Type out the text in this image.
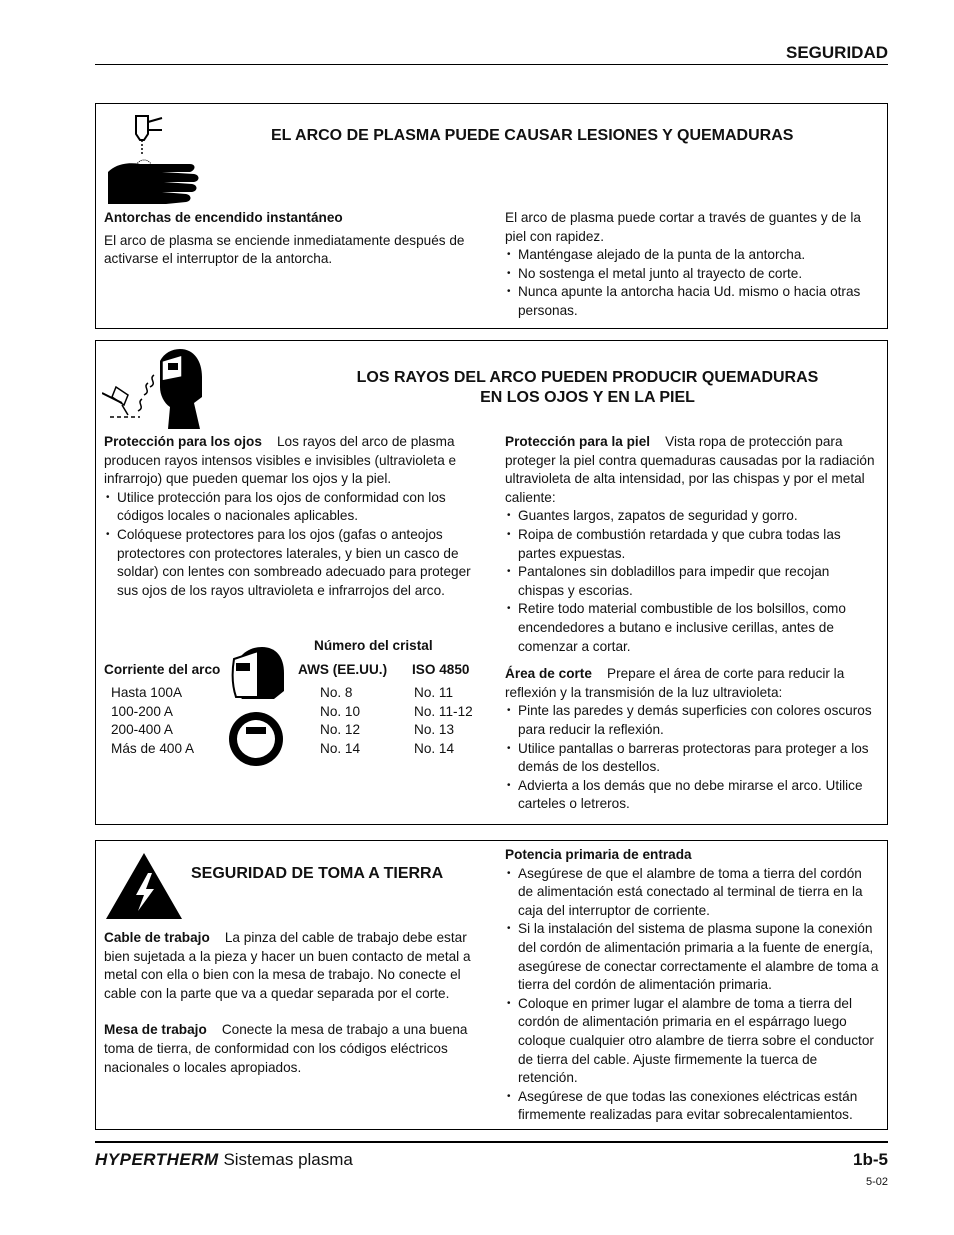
SEGURIDAD
EL ARCO DE PLASMA PUEDE CAUSAR LESIONES Y QUEMADURAS

Antorchas de encendido instantáneo

El arco de plasma se enciende inmediatamente después de activarse el interruptor de la antorcha.

El arco de plasma puede cortar a través de guantes y de la piel con rapidez.

• Manténgase alejado de la punta de la antorcha.
• No sostenga el metal junto al trayecto de corte.
• Nunca apunte la antorcha hacia Ud. mismo o hacia otras personas.
LOS RAYOS DEL ARCO PUEDEN PRODUCIR QUEMADURAS
EN LOS OJOS Y EN LA PIEL

Protección para los ojos Los rayos del arco de plasma producen rayos intensos visibles e invisibles (ultravioleta e infrarrojo) que pueden quemar los ojos y la piel.

• Utilice protección para los ojos de conformidad con los códigos locales o nacionales aplicables.
• Colóquese protectores para los ojos (gafas o anteojos protectores con protectores laterales, y bien un casco de soldar) con lentes con sombreado adecuado para proteger sus ojos de los rayos ultravioleta e infrarrojos del arco.
Número del cristal
Corriente del arco	AWS (EE.UU.) ISO 4850
Hasta 100A	No. 8	No. 11
100-200 A	No. 10	No. 11-12
200-400 A	No. 12	No. 13
Más de 400 A	No. 14	No. 14

Protección para la piel Vista ropa de protección para proteger la piel contra quemaduras causadas por la radiación ultravioleta de alta intensidad, por las chispas y por el metal caliente:

• Guantes largos, zapatos de seguridad y gorro.
• Roipa de combustión retardada y que cubra todas las partes expuestas.
• Pantalones sin dobladillos para impedir que recojan chispas y escorias.
• Retire todo material combustible de los bolsillos, como encendedores a butano e inclusive cerillas, antes de comenzar a cortar.

Área de corte Prepare el área de corte para reducir la reflexión y la transmisión de la luz ultravioleta:

• Pinte las paredes y demás superficies con colores oscuros para reducir la reflexión.
• Utilice pantallas o barreras protectoras para proteger a los demás de los destellos.
• Advierta a los demás que no debe mirarse el arco. Utilice carteles o letreros.
SEGURIDAD DE TOMA A TIERRA

Cable de trabajo La pinza del cable de trabajo debe estar bien sujetada a la pieza y hacer un buen contacto de metal a metal con ella o bien con la mesa de trabajo. No conecte el cable con la parte que va a quedar separada por el corte.

Mesa de trabajo Conecte la mesa de trabajo a una buena toma de tierra, de conformidad con los códigos eléctricos nacionales o locales apropiados.

Potencia primaria de entrada

• Asegúrese de que el alambre de toma a tierra del cordón de alimentación está conectado al terminal de tierra en la caja del interruptor de corriente.
• Si la instalación del sistema de plasma supone la conexión del cordón de alimentación primaria a la fuente de energía, asegúrese de conectar correctamente el alambre de toma a tierra del cordón de alimentación primaria.
• Coloque en primer lugar el alambre de toma a tierra del cordón de alimentación primaria en el espárrago luego coloque cualquier otro alambre de tierra sobre el conductor de tierra del cable. Ajuste firmemente la tuerca de retención.
• Asegúrese de que todas las conexiones eléctricas están firmemente realizadas para evitar sobrecalentamientos.
HYPERTHERM Sistemas plasma	1b-5
5-02
